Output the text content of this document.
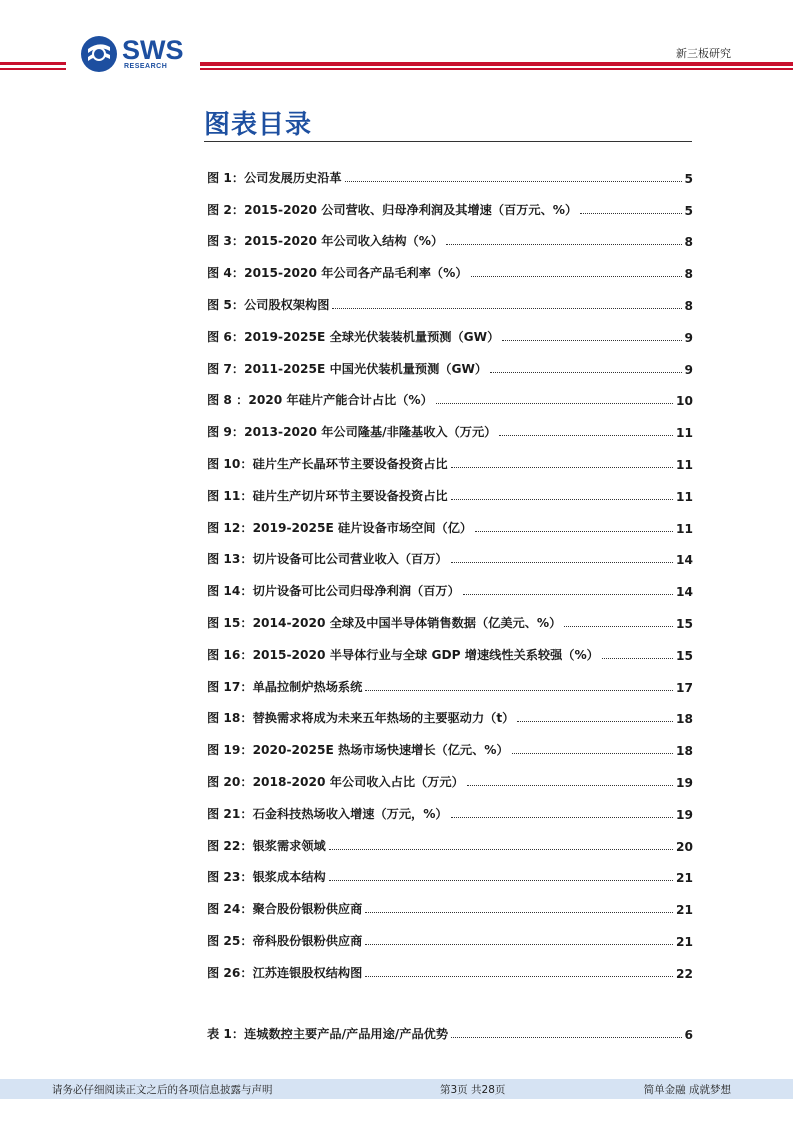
SWS
RESEARCH
新三板研究
图表目录
图 1：公司发展历史沿革	5
图 2：2015-2020 公司营收、归母净利润及其增速（百万元、%）	5
图 3：2015-2020 年公司收入结构（%）	8
图 4：2015-2020 年公司各产品毛利率（%）	8
图 5：公司股权架构图	8
图 6：2019-2025E 全球光伏装装机量预测（GW）	9
图 7：2011-2025E 中国光伏装机量预测（GW）	9
图 8 ：2020 年硅片产能合计占比（%）	10
图 9：2013-2020 年公司隆基/非隆基收入（万元）	11
图 10：硅片生产长晶环节主要设备投资占比	11
图 11：硅片生产切片环节主要设备投资占比	11
图 12：2019-2025E 硅片设备市场空间（亿）	11
图 13：切片设备可比公司营业收入（百万）	14
图 14：切片设备可比公司归母净利润（百万）	14
图 15：2014-2020 全球及中国半导体销售数据（亿美元、%）	15
图 16：2015-2020 半导体行业与全球 GDP 增速线性关系较强（%）	15
图 17：单晶拉制炉热场系统	17
图 18：替换需求将成为未来五年热场的主要驱动力（t）	18
图 19：2020-2025E 热场市场快速增长（亿元、%）	18
图 20：2018-2020 年公司收入占比（万元）	19
图 21：石金科技热场收入增速（万元，%）	19
图 22：银浆需求领域	20
图 23：银浆成本结构	21
图 24：聚合股份银粉供应商	21
图 25：帝科股份银粉供应商	21
图 26：江苏连银股权结构图	22
表 1：连城数控主要产品/产品用途/产品优势	6
请务必仔细阅读正文之后的各项信息披露与声明	第3页 共28页	简单金融 成就梦想
